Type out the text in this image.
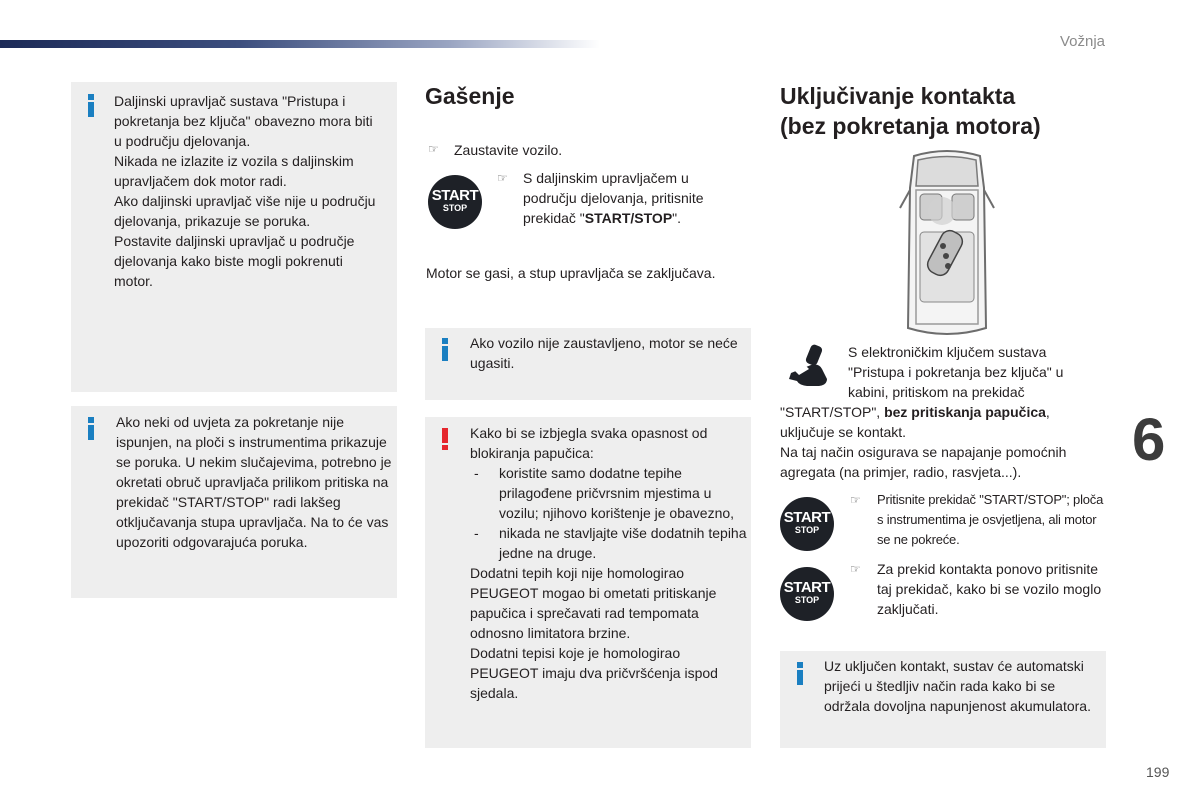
Vožnja
Daljinski upravljač sustava "Pristupa i pokretanja bez ključa" obavezno mora biti u području djelovanja.
Nikada ne izlazite iz vozila s daljinskim upravljačem dok motor radi.
Ako daljinski upravljač više nije u području djelovanja, prikazuje se poruka.
Postavite daljinski upravljač u područje djelovanja kako biste mogli pokrenuti motor.
Ako neki od uvjeta za pokretanje nije ispunjen, na ploči s instrumentima prikazuje se poruka. U nekim slučajevima, potrebno je okretati obruč upravljača prilikom pritiska na prekidač "START/STOP" radi lakšeg otključavanja stupa upravljača. Na to će vas upozoriti odgovarajuća poruka.
Gašenje
☞ Zaustavite vozilo.
START
STOP
☞ S daljinskim upravljačem u području djelovanja, pritisnite prekidač "START/STOP".
Motor se gasi, a stup upravljača se zaključava.
Ako vozilo nije zaustavljeno, motor se neće ugasiti.
Kako bi se izbjegla svaka opasnost od blokiranja papučica:
- koristite samo dodatne tepihe prilagođene pričvrsnim mjestima u vozilu; njihovo korištenje je obavezno,
- nikada ne stavljajte više dodatnih tepiha jedne na druge.
Dodatni tepih koji nije homologirao PEUGEOT mogao bi ometati pritiskanje papučica i sprečavati rad tempomata odnosno limitatora brzine.
Dodatni tepisi koje je homologirao PEUGEOT imaju dva pričvršćenja ispod sjedala.
Uključivanje kontakta
(bez pokretanja motora)
S elektroničkim ključem sustava "Pristupa i pokretanja bez ključa" u kabini, pritiskom na prekidač "START/STOP", bez pritiskanja papučica, uključuje se kontakt.
Na taj način osigurava se napajanje pomoćnih agregata (na primjer, radio, rasvjeta...).
START
STOP
☞ Pritisnite prekidač "START/STOP"; ploča s instrumentima je osvjetljena, ali motor se ne pokreće.
START
STOP
☞ Za prekid kontakta ponovo pritisnite taj prekidač, kako bi se vozilo moglo zaključati.
Uz uključen kontakt, sustav će automatski prijeći u štedljiv način rada kako bi se održala dovoljna napunjenost akumulatora.
6
199
